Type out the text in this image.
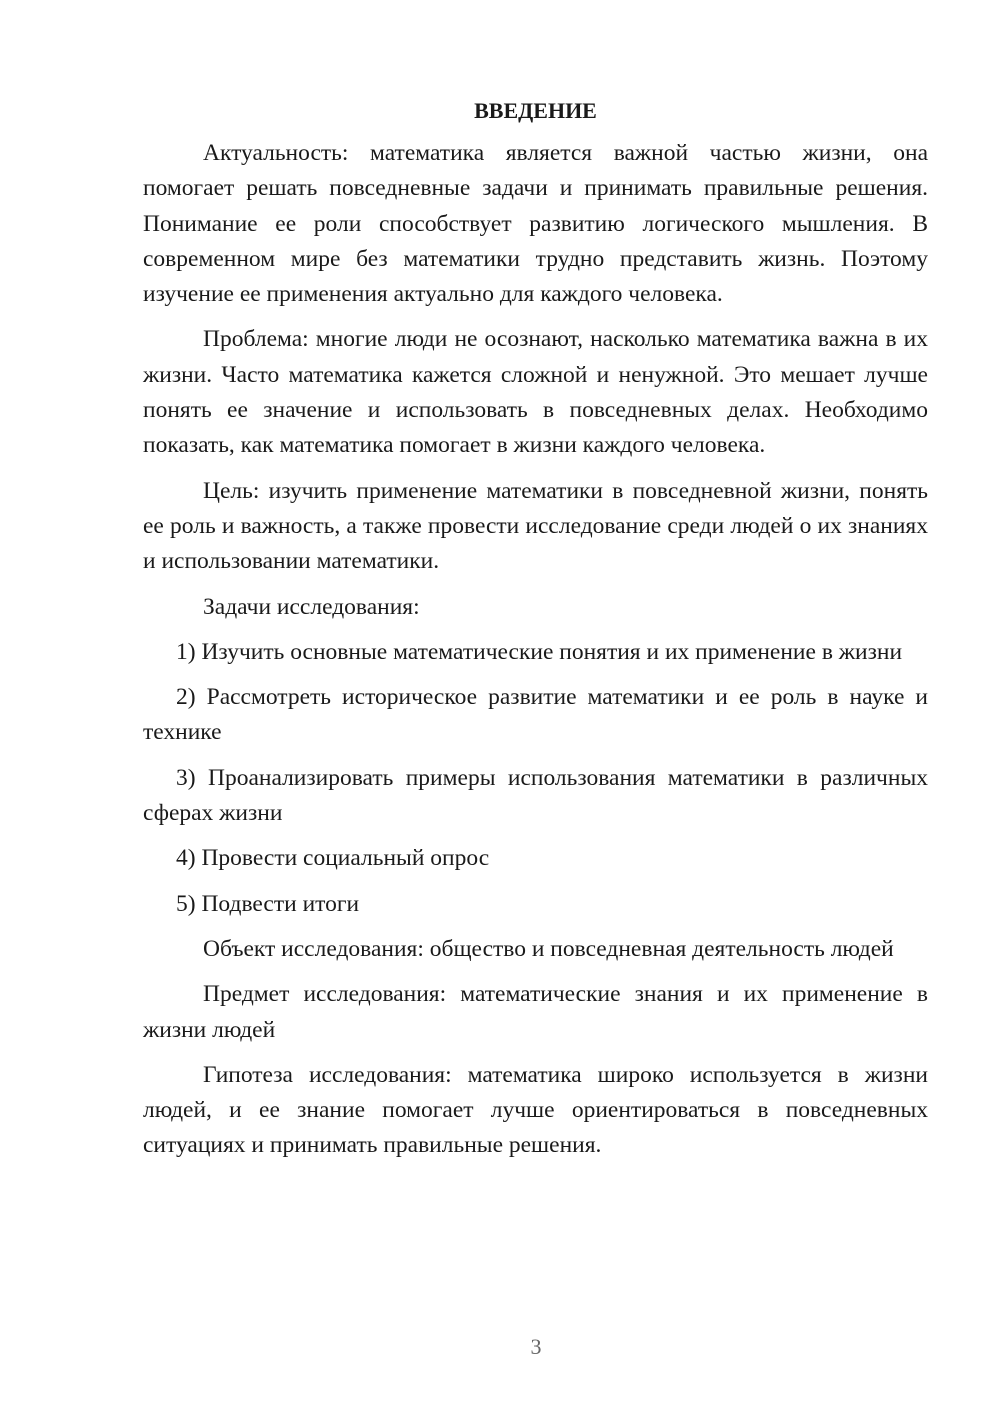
ВВЕДЕНИЕ

Актуальность: математика является важной частью жизни, она помогает решать повседневные задачи и принимать правильные решения. Понимание ее роли способствует развитию логического мышления. В современном мире без математики трудно представить жизнь. Поэтому изучение ее применения актуально для каждого человека.

Проблема: многие люди не осознают, насколько математика важна в их жизни. Часто математика кажется сложной и ненужной. Это мешает лучше понять ее значение и использовать в повседневных делах. Необходимо показать, как математика помогает в жизни каждого человека.

Цель: изучить применение математики в повседневной жизни, понять ее роль и важность, а также провести исследование среди людей о их знаниях и использовании математики.

Задачи исследования:

1) Изучить основные математические понятия и их применение в жизни

2) Рассмотреть историческое развитие математики и ее роль в науке и технике

3) Проанализировать примеры использования математики в различных сферах жизни

4) Провести социальный опрос

5) Подвести итоги

Объект исследования: общество и повседневная деятельность людей

Предмет исследования: математические знания и их применение в жизни людей

Гипотеза исследования: математика широко используется в жизни людей, и ее знание помогает лучше ориентироваться в повседневных ситуациях и принимать правильные решения.

3
